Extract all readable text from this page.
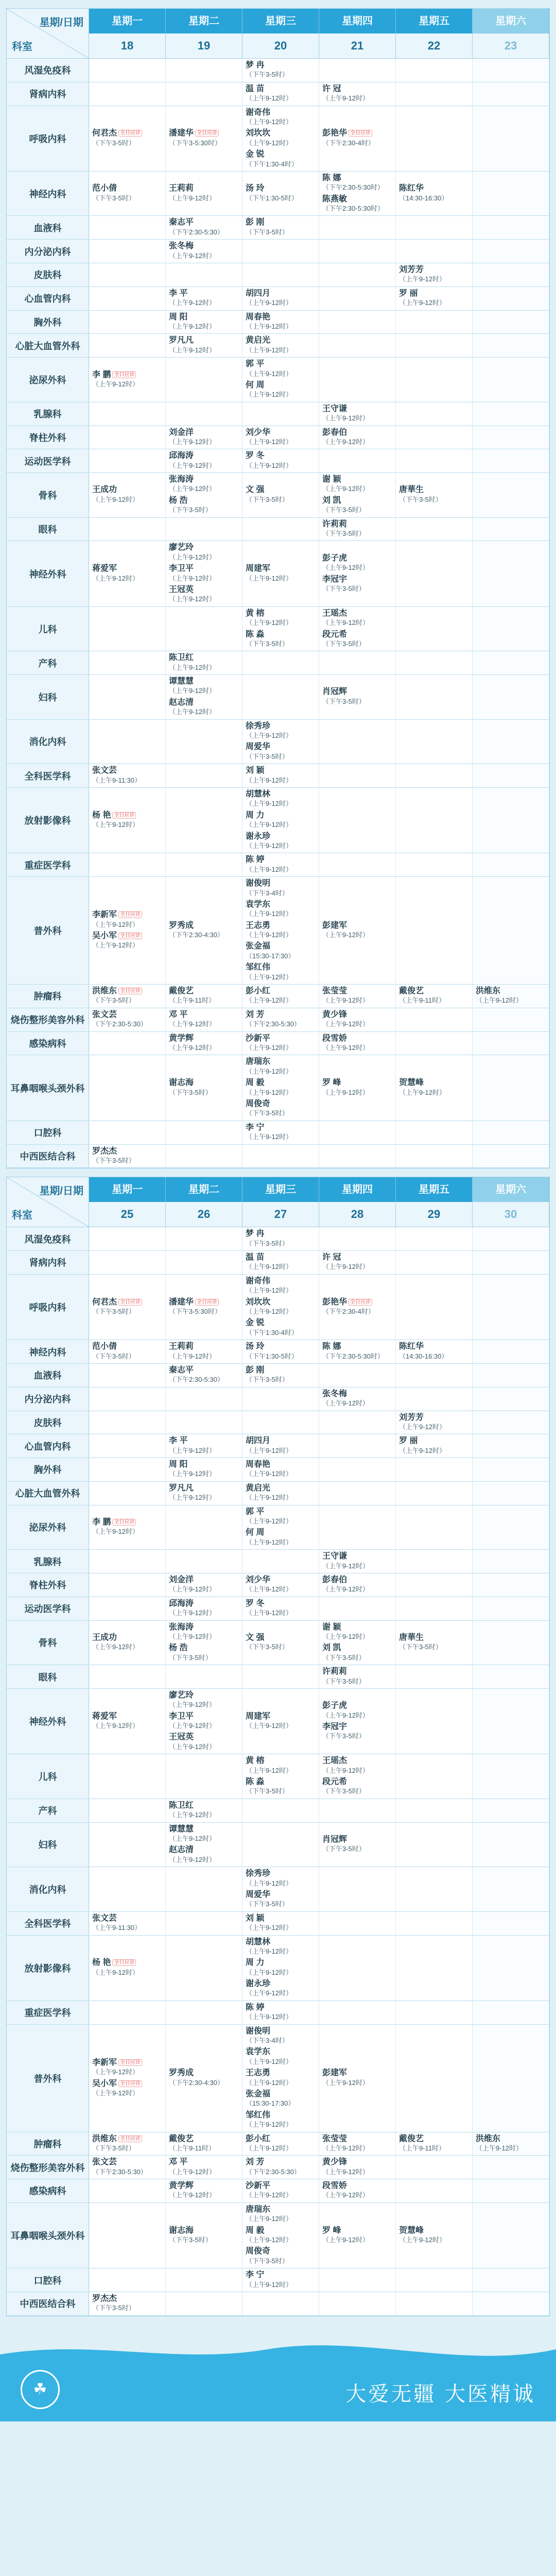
星期/日期
科室
星期一
18
星期二
19
星期三
20
星期四
21
星期五
22
星期六
23
风湿免疫科
梦 冉
（下午3-5时）
肾病内科
温 苗
（上午9-12时）
许 冠
（上午9-12时）
呼吸内科
何君杰 全日应诊
（下午3-5时）
潘建华 全日应诊
（下午3-5:30时）
谢奇伟
（上午9-12时）
刘坎坎
（上午9-12时）
金 锐
（下午1:30-4时）
彭艳华 全日应诊
（下午2:30-4时）
神经内科
范小倩
（下午3-5时）
王莉莉
（上午9-12时）
汤 玲
（下午1:30-5时）
陈 娜
（下午2:30-5:30时）
陈燕敏
（下午2:30-5:30时）
陈红华
（14:30-16:30）
血液科
秦志平
（下午2:30-5:30）
彭 刚
（下午3-5时）
内分泌内科
张冬梅
（上午9-12时）
皮肤科
刘芳芳
（上午9-12时）
心血管内科
李 平
（上午9-12时）
胡四月
（上午9-12时）
罗 丽
（上午9-12时）
胸外科
周 阳
（上午9-12时）
周春艳
（上午9-12时）
心脏大血管外科
罗凡凡
（上午9-12时）
黄启光
（上午9-12时）
泌尿外科
李 鹏 全日应诊
（上午9-12时）
郭 平
（上午9-12时）
何 周
（上午9-12时）
乳腺科
王守谦
（上午9-12时）
脊柱外科
刘金洋
（上午9-12时）
刘少华
（上午9-12时）
彭春伯
（上午9-12时）
运动医学科
邱海涛
（上午9-12时）
罗 冬
（上午9-12时）
骨科
王成功
（上午9-12时）
张海涛
（上午9-12时）
杨 浩
（下午3-5时）
文 强
（下午3-5时）
谢 颖
（上午9-12时）
刘 凯
（下午3-5时）
唐華生
（下午3-5时）
眼科
许莉莉
（下午3-5时）
神经外科
蒋爱军
（上午9-12时）
廖艺玲
（上午9-12时）
李卫平
（上午9-12时）
王冠英
（上午9-12时）
周建军
（上午9-12时）
彭子虎
（上午9-12时）
李冠宇
（下午3-5时）
儿科
黄 榕
（上午9-12时）
陈 淼
（下午3-5时）
王瑶杰
（上午9-12时）
段元希
（下午3-5时）
产科
陈卫红
（上午9-12时）
妇科
谭慧慧
（上午9-12时）
赵志清
（上午9-12时）
肖冠辉
（下午3-5时）
消化内科
徐秀珍
（上午9-12时）
周爱华
（下午3-5时）
全科医学科
张文芸
（上午9-11:30）
刘 颖
（上午9-12时）
放射影像科
杨 艳 全日应诊
（上午9-12时）
胡慧林
（上午9-12时）
周 力
（上午9-12时）
谢永珍
（上午9-12时）
重症医学科
陈 婷
（上午9-12时）
普外科
李新军 全日应诊
（上午9-12时）
吴小军 全日应诊
（上午9-12时）
罗秀成
（下午2:30-4:30）
谢俊明
（下午3-4时）
袁学东
（上午9-12时）
王志勇
（上午9-12时）
张金福
（15:30-17:30）
邹红伟
（上午9-12时）
彭建军
（上午9-12时）
肿瘤科
洪维东 全日应诊
（下午3-5时）
戴俊艺
（上午9-11时）
彭小红
（上午9-12时）
张莹莹
（上午9-12时）
戴俊艺
（上午9-11时）
洪维东
（上午9-12时）
烧伤整形美容外科
张文芸
（下午2:30-5:30）
邓 平
（上午9-12时）
刘 芳
（下午2:30-5:30）
黄少锋
（上午9-12时）
感染病科
黄学辉
（上午9-12时）
沙新平
（上午9-12时）
段雪娇
（上午9-12时）
耳鼻咽喉头颈外科
谢志海
（下午3-5时）
唐瑞东
（上午9-12时）
周 毅
（上午9-12时）
周俊奇
（下午3-5时）
罗 峰
（上午9-12时）
贺慧峰
（上午9-12时）
口腔科
李 宁
（上午9-12时）
中西医结合科
罗杰杰
（下午3-5时）
星期/日期
科室
星期一
25
星期二
26
星期三
27
星期四
28
星期五
29
星期六
30
风湿免疫科
梦 冉
（下午3-5时）
肾病内科
温 苗
（上午9-12时）
许 冠
（上午9-12时）
呼吸内科
何君杰 全日应诊
（下午3-5时）
潘建华 全日应诊
（下午3-5:30时）
谢奇伟
（上午9-12时）
刘坎坎
（上午9-12时）
金 锐
（下午1:30-4时）
彭艳华 全日应诊
（下午2:30-4时）
神经内科
范小倩
（下午3-5时）
王莉莉
（上午9-12时）
汤 玲
（下午1:30-5时）
陈 娜
（下午2:30-5:30时）
陈红华
（14:30-16:30）
血液科
秦志平
（下午2:30-5:30）
彭 刚
（下午3-5时）
内分泌内科
张冬梅
（上午9-12时）
皮肤科
刘芳芳
（上午9-12时）
心血管内科
李 平
（上午9-12时）
胡四月
（上午9-12时）
罗 丽
（上午9-12时）
胸外科
周 阳
（上午9-12时）
周春艳
（上午9-12时）
心脏大血管外科
罗凡凡
（上午9-12时）
黄启光
（上午9-12时）
泌尿外科
李 鹏 全日应诊
（上午9-12时）
郭 平
（上午9-12时）
何 周
（上午9-12时）
乳腺科
王守谦
（上午9-12时）
脊柱外科
刘金洋
（上午9-12时）
刘少华
（上午9-12时）
彭春伯
（上午9-12时）
运动医学科
邱海涛
（上午9-12时）
罗 冬
（上午9-12时）
骨科
王成功
（上午9-12时）
张海涛
（上午9-12时）
杨 浩
（下午3-5时）
文 强
（下午3-5时）
谢 颖
（上午9-12时）
刘 凯
（下午3-5时）
唐華生
（下午3-5时）
眼科
许莉莉
（下午3-5时）
神经外科
蒋爱军
（上午9-12时）
廖艺玲
（上午9-12时）
李卫平
（上午9-12时）
王冠英
（上午9-12时）
周建军
（上午9-12时）
彭子虎
（上午9-12时）
李冠宇
（下午3-5时）
儿科
黄 榕
（上午9-12时）
陈 淼
（下午3-5时）
王瑶杰
（上午9-12时）
段元希
（下午3-5时）
产科
陈卫红
（上午9-12时）
妇科
谭慧慧
（上午9-12时）
赵志清
（上午9-12时）
肖冠辉
（下午3-5时）
消化内科
徐秀珍
（上午9-12时）
周爱华
（下午3-5时）
全科医学科
张文芸
（上午9-11:30）
刘 颖
（上午9-12时）
放射影像科
杨 艳 全日应诊
（上午9-12时）
胡慧林
（上午9-12时）
周 力
（上午9-12时）
谢永珍
（上午9-12时）
重症医学科
陈 婷
（上午9-12时）
普外科
李新军 全日应诊
（上午9-12时）
吴小军 全日应诊
（上午9-12时）
罗秀成
（下午2:30-4:30）
谢俊明
（下午3-4时）
袁学东
（上午9-12时）
王志勇
（上午9-12时）
张金福
（15:30-17:30）
邹红伟
（上午9-12时）
彭建军
（上午9-12时）
肿瘤科
洪维东 全日应诊
（下午3-5时）
戴俊艺
（上午9-11时）
彭小红
（上午9-12时）
张莹莹
（上午9-12时）
戴俊艺
（上午9-11时）
洪维东
（上午9-12时）
烧伤整形美容外科
张文芸
（下午2:30-5:30）
邓 平
（上午9-12时）
刘 芳
（下午2:30-5:30）
黄少锋
（上午9-12时）
感染病科
黄学辉
（上午9-12时）
沙新平
（上午9-12时）
段雪娇
（上午9-12时）
耳鼻咽喉头颈外科
谢志海
（下午3-5时）
唐瑞东
（上午9-12时）
周 毅
（上午9-12时）
周俊奇
（下午3-5时）
罗 峰
（上午9-12时）
贺慧峰
（上午9-12时）
口腔科
李 宁
（上午9-12时）
中西医结合科
罗杰杰
（下午3-5时）
☘	大爱无疆 大医精诚
